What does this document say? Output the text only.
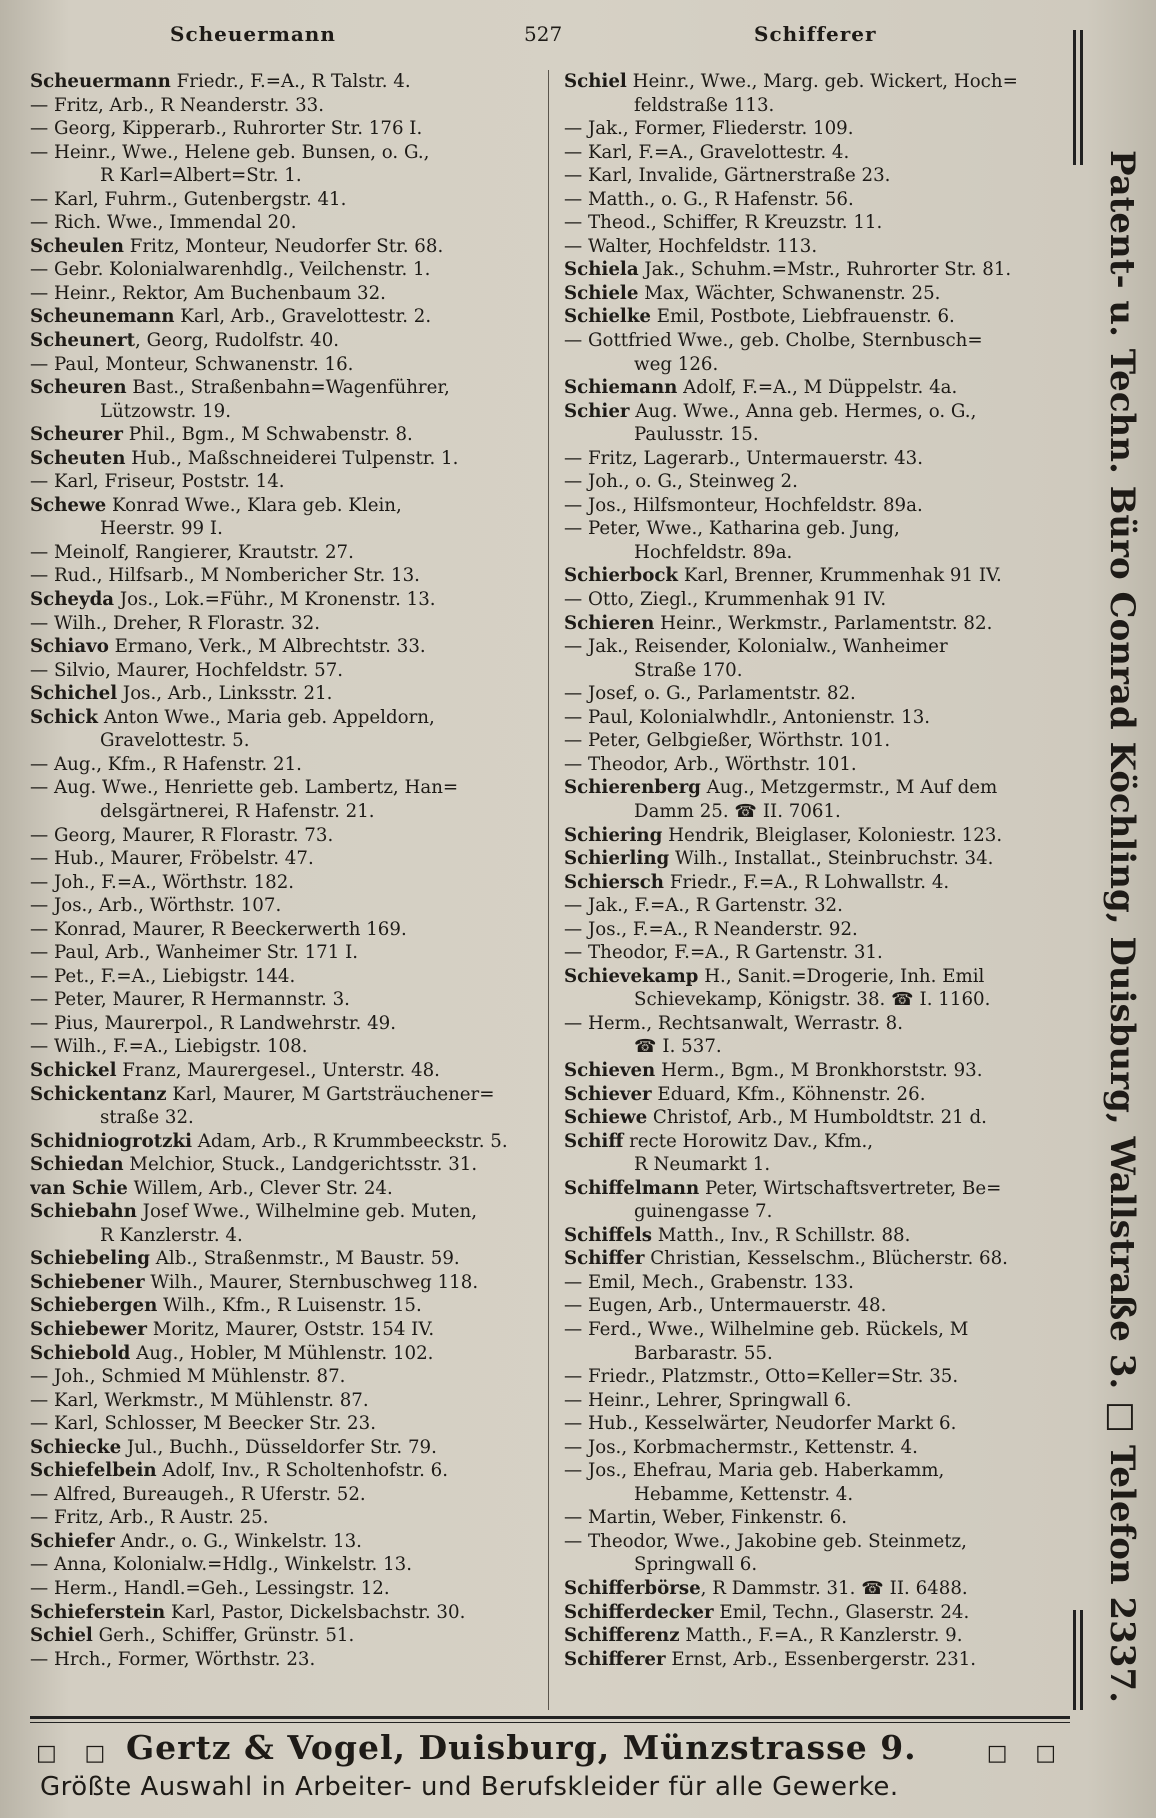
Scheuermann	527	Schifferer
Scheuermann Friedr., F.=A., R Talstr. 4.
— Fritz, Arb., R Neanderstr. 33.
— Georg, Kipperarb., Ruhrorter Str. 176 I.
— Heinr., Wwe., Helene geb. Bunsen, o. G.,
R Karl=Albert=Str. 1.
— Karl, Fuhrm., Gutenbergstr. 41.
— Rich. Wwe., Immendal 20.
Scheulen Fritz, Monteur, Neudorfer Str. 68.
— Gebr. Kolonialwarenhdlg., Veilchenstr. 1.
— Heinr., Rektor, Am Buchenbaum 32.
Scheunemann Karl, Arb., Gravelottestr. 2.
Scheunert, Georg, Rudolfstr. 40.
— Paul, Monteur, Schwanenstr. 16.
Scheuren Bast., Straßenbahn=Wagenführer,
Lützowstr. 19.
Scheurer Phil., Bgm., M Schwabenstr. 8.
Scheuten Hub., Maßschneiderei Tulpenstr. 1.
— Karl, Friseur, Poststr. 14.
Schewe Konrad Wwe., Klara geb. Klein,
Heerstr. 99 I.
— Meinolf, Rangierer, Krautstr. 27.
— Rud., Hilfsarb., M Nombericher Str. 13.
Scheyda Jos., Lok.=Führ., M Kronenstr. 13.
— Wilh., Dreher, R Florastr. 32.
Schiavo Ermano, Verk., M Albrechtstr. 33.
— Silvio, Maurer, Hochfeldstr. 57.
Schichel Jos., Arb., Linksstr. 21.
Schick Anton Wwe., Maria geb. Appeldorn,
Gravelottestr. 5.
— Aug., Kfm., R Hafenstr. 21.
— Aug. Wwe., Henriette geb. Lambertz, Han=
delsgärtnerei, R Hafenstr. 21.
— Georg, Maurer, R Florastr. 73.
— Hub., Maurer, Fröbelstr. 47.
— Joh., F.=A., Wörthstr. 182.
— Jos., Arb., Wörthstr. 107.
— Konrad, Maurer, R Beeckerwerth 169.
— Paul, Arb., Wanheimer Str. 171 I.
— Pet., F.=A., Liebigstr. 144.
— Peter, Maurer, R Hermannstr. 3.
— Pius, Maurerpol., R Landwehrstr. 49.
— Wilh., F.=A., Liebigstr. 108.
Schickel Franz, Maurergesel., Unterstr. 48.
Schickentanz Karl, Maurer, M Gartsträuchener=
straße 32.
Schidniogrotzki Adam, Arb., R Krummbeeckstr. 5.
Schiedan Melchior, Stuck., Landgerichtsstr. 31.
van Schie Willem, Arb., Clever Str. 24.
Schiebahn Josef Wwe., Wilhelmine geb. Muten,
R Kanzlerstr. 4.
Schiebeling Alb., Straßenmstr., M Baustr. 59.
Schiebener Wilh., Maurer, Sternbuschweg 118.
Schiebergen Wilh., Kfm., R Luisenstr. 15.
Schiebewer Moritz, Maurer, Oststr. 154 IV.
Schiebold Aug., Hobler, M Mühlenstr. 102.
— Joh., Schmied M Mühlenstr. 87.
— Karl, Werkmstr., M Mühlenstr. 87.
— Karl, Schlosser, M Beecker Str. 23.
Schiecke Jul., Buchh., Düsseldorfer Str. 79.
Schiefelbein Adolf, Inv., R Scholtenhofstr. 6.
— Alfred, Bureaugeh., R Uferstr. 52.
— Fritz, Arb., R Austr. 25.
Schiefer Andr., o. G., Winkelstr. 13.
— Anna, Kolonialw.=Hdlg., Winkelstr. 13.
— Herm., Handl.=Geh., Lessingstr. 12.
Schieferstein Karl, Pastor, Dickelsbachstr. 30.
Schiel Gerh., Schiffer, Grünstr. 51.
— Hrch., Former, Wörthstr. 23.
Schiel Heinr., Wwe., Marg. geb. Wickert, Hoch=
feldstraße 113.
— Jak., Former, Fliederstr. 109.
— Karl, F.=A., Gravelottestr. 4.
— Karl, Invalide, Gärtnerstraße 23.
— Matth., o. G., R Hafenstr. 56.
— Theod., Schiffer, R Kreuzstr. 11.
— Walter, Hochfeldstr. 113.
Schiela Jak., Schuhm.=Mstr., Ruhrorter Str. 81.
Schiele Max, Wächter, Schwanenstr. 25.
Schielke Emil, Postbote, Liebfrauenstr. 6.
— Gottfried Wwe., geb. Cholbe, Sternbusch=
weg 126.
Schiemann Adolf, F.=A., M Düppelstr. 4a.
Schier Aug. Wwe., Anna geb. Hermes, o. G.,
Paulusstr. 15.
— Fritz, Lagerarb., Untermauerstr. 43.
— Joh., o. G., Steinweg 2.
— Jos., Hilfsmonteur, Hochfeldstr. 89a.
— Peter, Wwe., Katharina geb. Jung,
Hochfeldstr. 89a.
Schierbock Karl, Brenner, Krummenhak 91 IV.
— Otto, Ziegl., Krummenhak 91 IV.
Schieren Heinr., Werkmstr., Parlamentstr. 82.
— Jak., Reisender, Kolonialw., Wanheimer
Straße 170.
— Josef, o. G., Parlamentstr. 82.
— Paul, Kolonialwhdlr., Antonienstr. 13.
— Peter, Gelbgießer, Wörthstr. 101.
— Theodor, Arb., Wörthstr. 101.
Schierenberg Aug., Metzgermstr., M Auf dem
Damm 25. ☎ II. 7061.
Schiering Hendrik, Bleiglaser, Koloniestr. 123.
Schierling Wilh., Installat., Steinbruchstr. 34.
Schiersch Friedr., F.=A., R Lohwallstr. 4.
— Jak., F.=A., R Gartenstr. 32.
— Jos., F.=A., R Neanderstr. 92.
— Theodor, F.=A., R Gartenstr. 31.
Schievekamp H., Sanit.=Drogerie, Inh. Emil
Schievekamp, Königstr. 38. ☎ I. 1160.
— Herm., Rechtsanwalt, Werrastr. 8.
☎ I. 537.
Schieven Herm., Bgm., M Bronkhorststr. 93.
Schiever Eduard, Kfm., Köhnenstr. 26.
Schiewe Christof, Arb., M Humboldtstr. 21 d.
Schiff recte Horowitz Dav., Kfm.,
R Neumarkt 1.
Schiffelmann Peter, Wirtschaftsvertreter, Be=
guinengasse 7.
Schiffels Matth., Inv., R Schillstr. 88.
Schiffer Christian, Kesselschm., Blücherstr. 68.
— Emil, Mech., Grabenstr. 133.
— Eugen, Arb., Untermauerstr. 48.
— Ferd., Wwe., Wilhelmine geb. Rückels, M
Barbarastr. 55.
— Friedr., Platzmstr., Otto=Keller=Str. 35.
— Heinr., Lehrer, Springwall 6.
— Hub., Kesselwärter, Neudorfer Markt 6.
— Jos., Korbmachermstr., Kettenstr. 4.
— Jos., Ehefrau, Maria geb. Haberkamm,
Hebamme, Kettenstr. 4.
— Martin, Weber, Finkenstr. 6.
— Theodor, Wwe., Jakobine geb. Steinmetz,
Springwall 6.
Schifferbörse, R Dammstr. 31. ☎ II. 6488.
Schifferdecker Emil, Techn., Glaserstr. 24.
Schifferenz Matth., F.=A., R Kanzlerstr. 9.
Schifferer Ernst, Arb., Essenbergerstr. 231.	Patent- u. Techn. Büro Conrad Köchling, Duisburg, Wallstraße 3. □ Telefon 2337.
□ □ Gertz & Vogel, Duisburg, Münzstrasse 9.	□ □
Größte Auswahl in Arbeiter- und Berufskleider für alle Gewerke.
